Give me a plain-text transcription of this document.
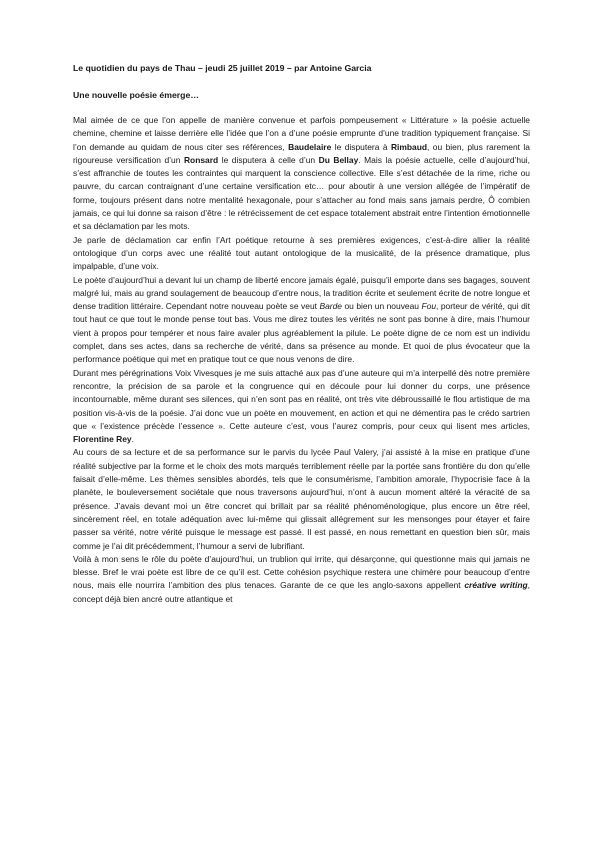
Le quotidien du pays de Thau – jeudi 25 juillet 2019 – par Antoine Garcia
Une nouvelle poésie émerge…

Mal aimée de ce que l’on appelle de manière convenue et parfois pompeusement « Littérature » la poésie actuelle chemine, chemine et laisse derrière elle l’idée que l’on a d’une poésie emprunte d’une tradition typiquement française. Si l’on demande au quidam de nous citer ses références, Baudelaire le disputera à Rimbaud, ou bien, plus rarement la rigoureuse versification d’un Ronsard le disputera à celle d’un Du Bellay. Mais la poésie actuelle, celle d’aujourd’hui, s’est affranchie de toutes les contraintes qui marquent la conscience collective. Elle s’est détachée de la rime, riche ou pauvre, du carcan contraignant d’une certaine versification etc… pour aboutir à une version allégée de l’impératif de forme, toujours présent dans notre mentalité hexagonale, pour s’attacher au fond mais sans jamais perdre, Ô combien jamais, ce qui lui donne sa raison d’être : le rétrécissement de cet espace totalement abstrait entre l’intention émotionnelle et sa déclamation par les mots.

Je parle de déclamation car enfin l’Art poétique retourne à ses premières exigences, c’est-à-dire allier la réalité ontologique d’un corps avec une réalité tout autant ontologique de la musicalité, de la présence dramatique, plus impalpable, d’une voix.

Le poète d’aujourd’hui a devant lui un champ de liberté encore jamais égalé, puisqu’il emporte dans ses bagages, souvent malgré lui, mais au grand soulagement de beaucoup d’entre nous, la tradition écrite et seulement écrite de notre longue et dense tradition littéraire. Cependant notre nouveau poète se veut Barde ou bien un nouveau Fou, porteur de vérité, qui dit tout haut ce que tout le monde pense tout bas. Vous me direz toutes les vérités ne sont pas bonne à dire, mais l’humour vient à propos pour tempérer et nous faire avaler plus agréablement la pilule. Le poète digne de ce nom est un individu complet, dans ses actes, dans sa recherche de vérité, dans sa présence au monde. Et quoi de plus évocateur que la performance poétique qui met en pratique tout ce que nous venons de dire.

Durant mes pérégrinations Voix Vivesques je me suis attaché aux pas d’une auteure qui m’a interpellé dès notre première rencontre, la précision de sa parole et la congruence qui en découle pour lui donner du corps, une présence incontournable, même durant ses silences, qui n’en sont pas en réalité, ont très vite débroussaillé le flou artistique de ma position vis-à-vis de la poésie. J’ai donc vue un poète en mouvement, en action et qui ne démentira pas le crédo sartrien que « l’existence précède l’essence ». Cette auteure c’est, vous l’aurez compris, pour ceux qui lisent mes articles, Florentine Rey.

Au cours de sa lecture et de sa performance sur le parvis du lycée Paul Valery, j’ai assisté à la mise en pratique d’une réalité subjective par la forme et le choix des mots marqués terriblement réelle par la portée sans frontière du don qu’elle faisait d’elle-même. Les thèmes sensibles abordés, tels que le consumérisme, l’ambition amorale, l’hypocrisie face à la planète, le bouleversement sociétale que nous traversons aujourd’hui, n’ont à aucun moment altéré la véracité de sa présence. J’avais devant moi un être concret qui brillait par sa réalité phénoménologique, plus encore un être réel, sincèrement réel, en totale adéquation avec lui-même qui glissait allégrement sur les mensonges pour étayer et faire passer sa vérité, notre vérité puisque le message est passé. Il est passé, en nous remettant en question bien sûr, mais comme je l’ai dit précédemment, l’humour a servi de lubrifiant.

Voilà à mon sens le rôle du poète d’aujourd’hui, un trublion qui irrite, qui désarçonne, qui questionne mais qui jamais ne blesse. Bref le vrai poète est libre de ce qu’il est. Cette cohésion psychique restera une chimère pour beaucoup d’entre nous, mais elle nourrira l’ambition des plus tenaces. Garante de ce que les anglo-saxons appellent créative writing, concept déjà bien ancré outre atlantique et
